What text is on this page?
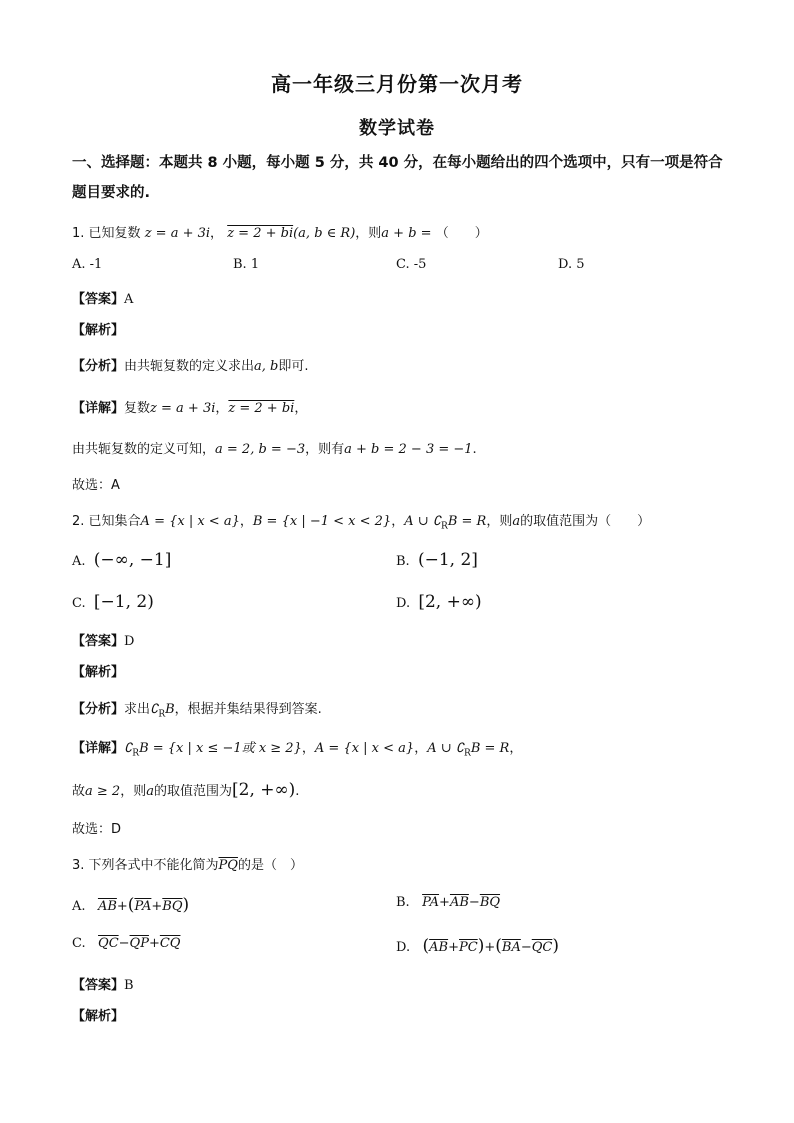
高一年级三月份第一次月考
数学试卷
一、选择题：本题共 8 小题，每小题 5 分，共 40 分，在每小题给出的四个选项中，只有一项是符合题目要求的.
1. 已知复数 z = a + 3i， z = 2 + bi(a, b ∈ R)，则a + b = （　　）
A. -1	B. 1	C. -5	D. 5
【答案】A
【解析】
【分析】由共轭复数的定义求出a, b即可.
【详解】复数z = a + 3i，z = 2 + bi，
由共轭复数的定义可知，a = 2, b = −3，则有a + b = 2 − 3 = −1.
故选：A
2. 已知集合A = {x | x < a}，B = {x | −1 < x < 2}，A ∪ $∁_RB = R$，则a的取值范围为（　　）
A. (−∞, −1]	B. (−1, 2]
C. [−1, 2)	D. [2, +∞)
【答案】D
【解析】
【分析】求出$∁_RB$，根据并集结果得到答案.
【详解】$∁_RB = \{x$ | x ≤ −1或 x ≥ 2}，A = {x | x < a}，A ∪ $∁_RB = R$，
故a ≥ 2，则a的取值范围为[2, +∞).
故选：D
3. 下列各式中不能化简为$\overline{PQ}$的是（　）
A. $\overline{AB}+(\overline{PA}+\overline{BQ})$	B. $\overline{PA}+\overline{AB}-\overline{BQ}$
C. $\overline{QC}-\overline{QP}+\overline{CQ}$	D. $(\overline{AB}+\overline{PC})+(\overline{BA}-\overline{QC})$
【答案】B
【解析】
